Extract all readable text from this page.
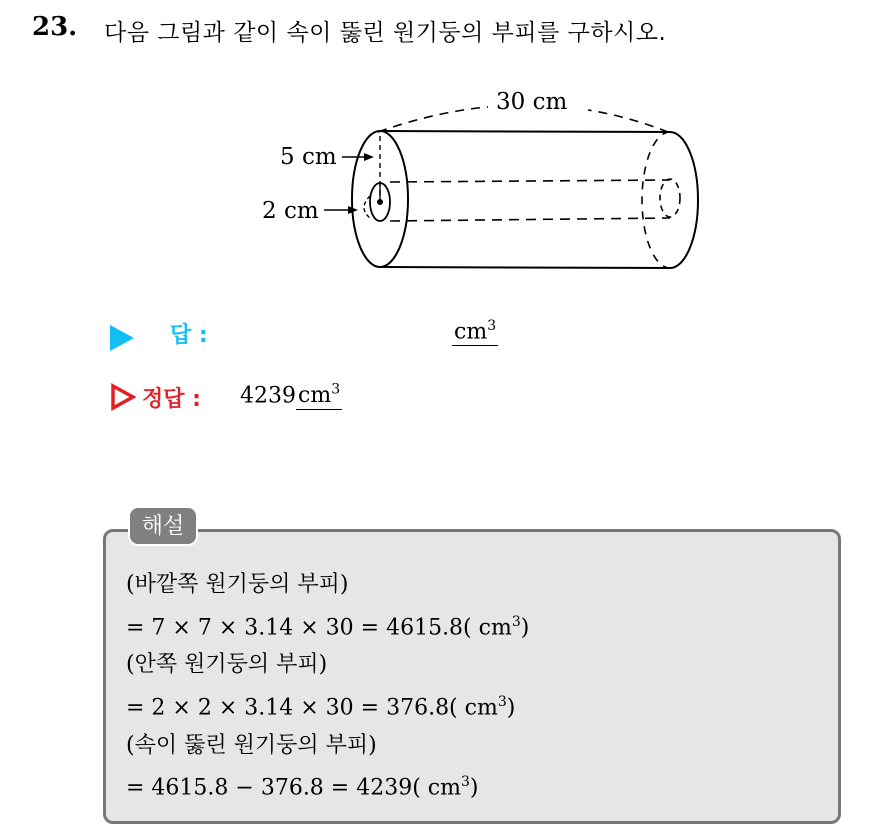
23. 다음 그림과 같이 속이 뚫린 원기둥의 부피를 구하시오.
30 cm
5 cm
2 cm
답 :	$cm^3$
정답 : $4239cm^3$
해설
(바깥쪽 원기둥의 부피)
= 7 × 7 × 3.14 × 30 = 4615.8( $cm^3$)
(안쪽 원기둥의 부피)
= 2 × 2 × 3.14 × 30 = 376.8( $cm^3$)
(속이 뚫린 원기둥의 부피)
= 4615.8 − 376.8 = 4239( $cm^3$)
